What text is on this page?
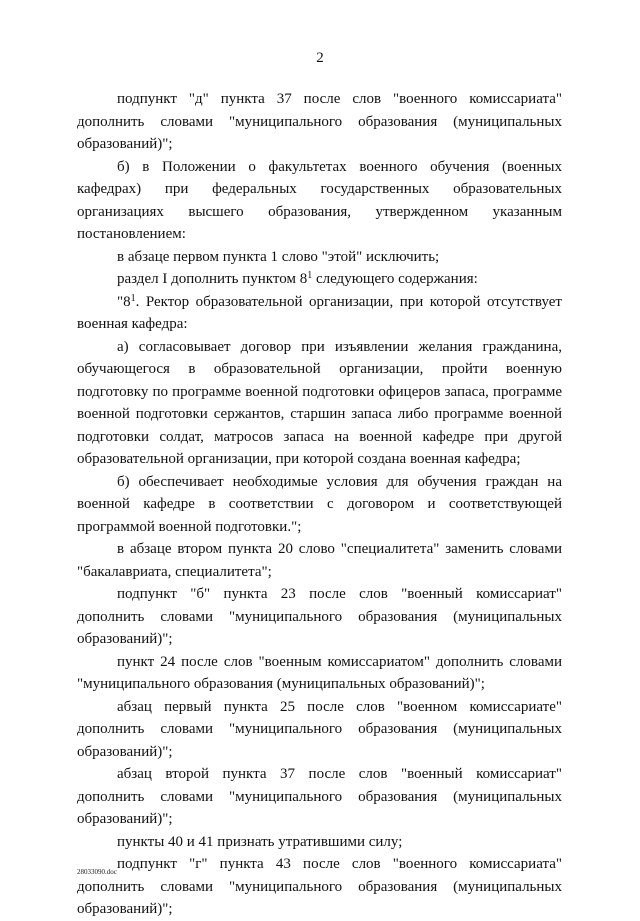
2

подпункт "д" пункта 37 после слов "военного комиссариата" дополнить словами "муниципального образования (муниципальных образований)";

б) в Положении о факультетах военного обучения (военных кафедрах) при федеральных государственных образовательных организациях высшего образования, утвержденном указанным постановлением:

в абзаце первом пункта 1 слово "этой" исключить;

раздел I дополнить пунктом $8^1$ следующего содержания:

"$8^1$. Ректор образовательной организации, при которой отсутствует военная кафедра:

а) согласовывает договор при изъявлении желания гражданина, обучающегося в образовательной организации, пройти военную подготовку по программе военной подготовки офицеров запаса, программе военной подготовки сержантов, старшин запаса либо программе военной подготовки солдат, матросов запаса на военной кафедре при другой образовательной организации, при которой создана военная кафедра;

б) обеспечивает необходимые условия для обучения граждан на военной кафедре в соответствии с договором и соответствующей программой военной подготовки.";

в абзаце втором пункта 20 слово "специалитета" заменить словами "бакалавриата, специалитета";

подпункт "б" пункта 23 после слов "военный комиссариат" дополнить словами "муниципального образования (муниципальных образований)";

пункт 24 после слов "военным комиссариатом" дополнить словами "муниципального образования (муниципальных образований)";

абзац первый пункта 25 после слов "военном комиссариате" дополнить словами "муниципального образования (муниципальных образований)";

абзац второй пункта 37 после слов "военный комиссариат" дополнить словами "муниципального образования (муниципальных образований)";

пункты 40 и 41 признать утратившими силу;

подпункт "г" пункта 43 после слов "военного комиссариата" дополнить словами "муниципального образования (муниципальных образований)";

28033090.doc
